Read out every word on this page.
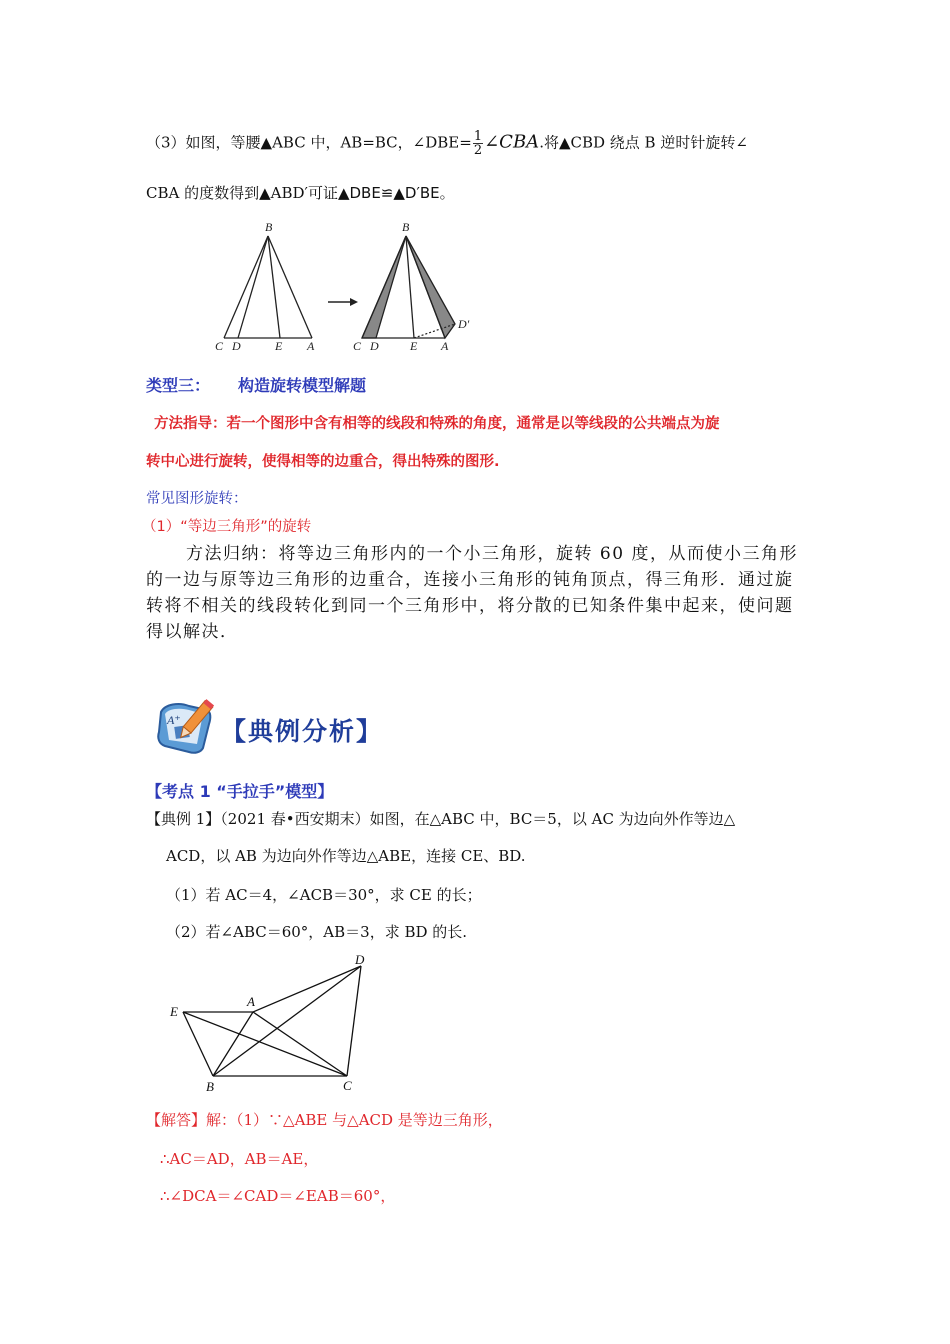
（3）如图，等腰▲ABC 中，AB=BC，∠DBE= $\frac{1}{2}$ ∠CBA.将▲CBD 绕点 B 逆时针旋转∠
CBA 的度数得到▲ABD′可证▲DBE≌▲D′BE。
B
C D	E A
B
C D	E A
D′
类型三： 构造旋转模型解题
方法指导：若一个图形中含有相等的线段和特殊的角度，通常是以等线段的公共端点为旋
转中心进行旋转，使得相等的边重合，得出特殊的图形.
常见图形旋转：
（1）“等边三角形”的旋转
方法归纳：将等边三角形内的一个小三角形，旋转 60 度，从而使小三角形
的一边与原等边三角形的边重合，连接小三角形的钝角顶点，得三角形．通过旋
转将不相关的线段转化到同一个三角形中，将分散的已知条件集中起来，使问题
得以解决．
A⁺ 【典例分析】
【考点 1 “手拉手”模型】
【典例 1】（2021 春•西安期末）如图，在△ABC 中，BC＝5，以 AC 为边向外作等边△
ACD，以 AB 为边向外作等边△ABE，连接 CE、BD.
（1）若 AC＝4，∠ACB＝30°，求 CE 的长；
（2）若∠ABC＝60°，AB＝3，求 BD 的长.
E
A
D
B	C
【解答】解：（1）∵△ABE 与△ACD 是等边三角形，
∴AC＝AD，AB＝AE，
∴∠DCA＝∠CAD＝∠EAB＝60°，
